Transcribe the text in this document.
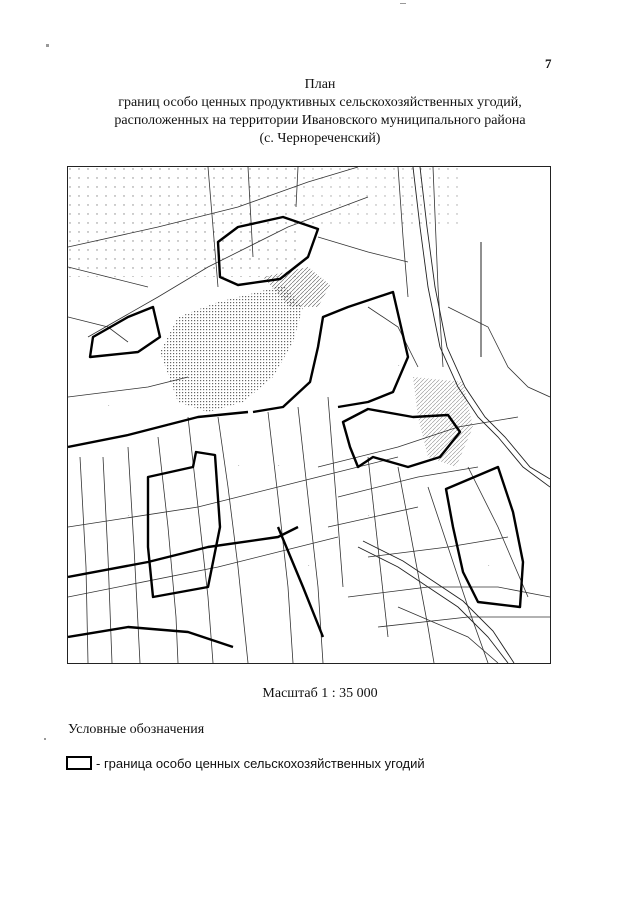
7
План
границ особо ценных продуктивных сельскохозяйственных угодий,
расположенных на территории Ивановского муниципального района
(с. Чернореченский)
·
·
·
·
·
·
·
·
·
Масштаб 1 : 35 000
Условные обозначения
- граница особо ценных сельскохозяйственных угодий
